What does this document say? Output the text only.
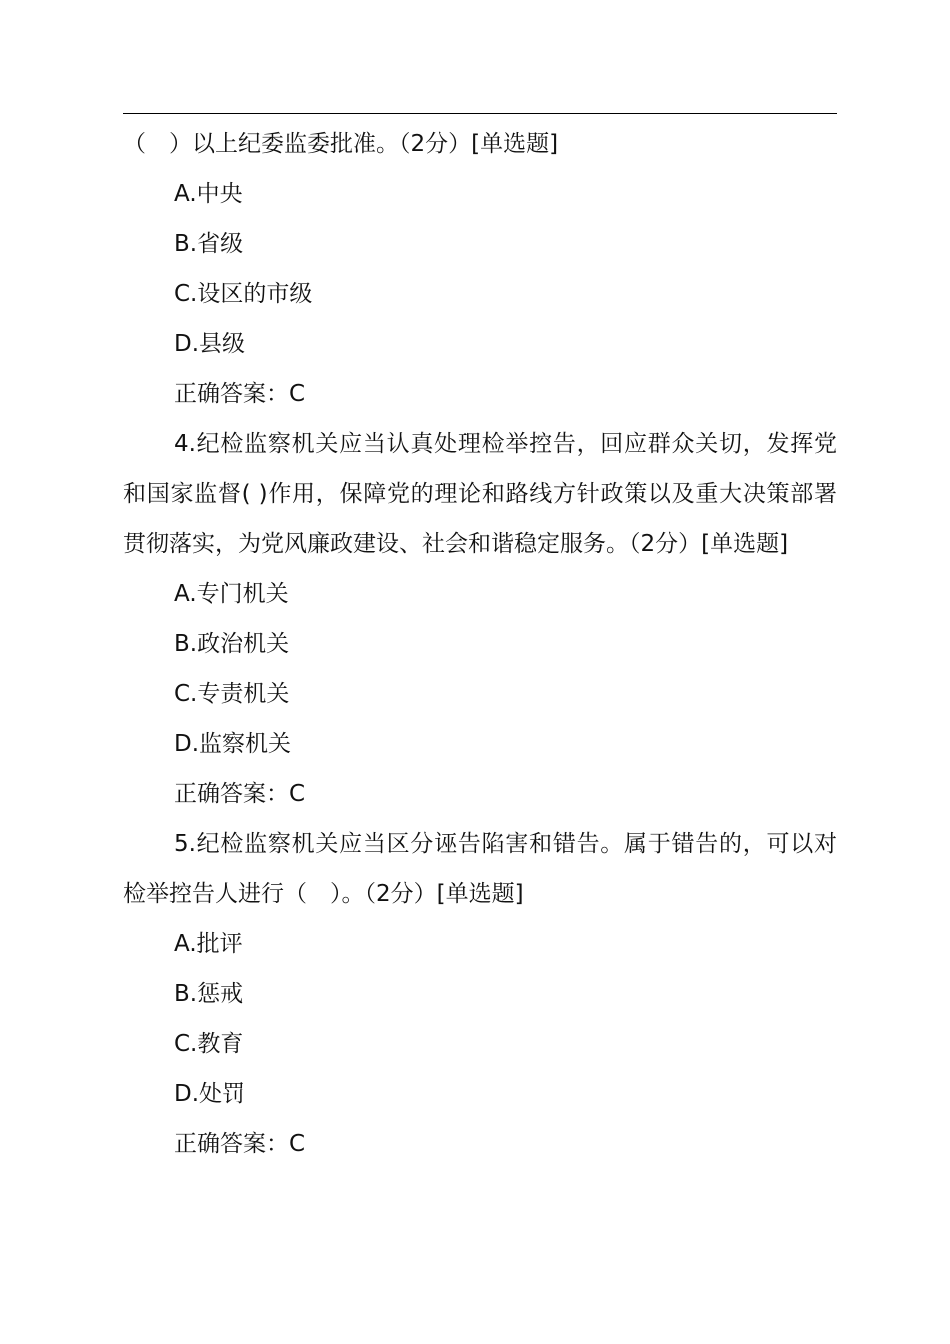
（　）以上纪委监委批准。（2分）[单选题]
A.中央
B.省级
C.设区的市级
D.县级
正确答案：C
4.纪检监察机关应当认真处理检举控告，回应群众关切，发挥党和国家监督( )作用，保障党的理论和路线方针政策以及重大决策部署贯彻落实，为党风廉政建设、社会和谐稳定服务。（2分）[单选题]
A.专门机关
B.政治机关
C.专责机关
D.监察机关
正确答案：C
5.纪检监察机关应当区分诬告陷害和错告。属于错告的，可以对检举控告人进行（　）。（2分）[单选题]
A.批评
B.惩戒
C.教育
D.处罚
正确答案：C
